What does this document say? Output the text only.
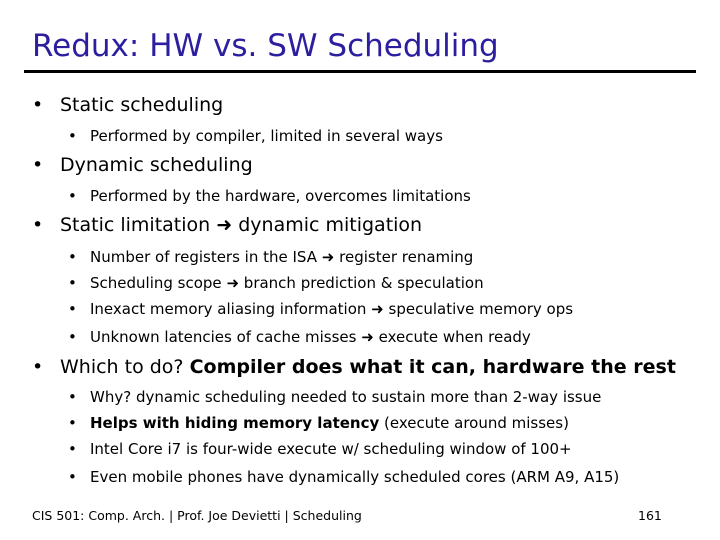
Redux: HW vs. SW Scheduling
• Static scheduling
• Performed by compiler, limited in several ways
• Dynamic scheduling
• Performed by the hardware, overcomes limitations
• Static limitation ➜ dynamic mitigation
• Number of registers in the ISA ➜ register renaming
• Scheduling scope ➜ branch prediction & speculation
• Inexact memory aliasing information ➜ speculative memory ops
• Unknown latencies of cache misses ➜ execute when ready
• Which to do? Compiler does what it can, hardware the rest
• Why? dynamic scheduling needed to sustain more than 2-way issue
• Helps with hiding memory latency (execute around misses)
• Intel Core i7 is four-wide execute w/ scheduling window of 100+
• Even mobile phones have dynamically scheduled cores (ARM A9, A15)
CIS 501: Comp. Arch. | Prof. Joe Devietti | Scheduling	161
